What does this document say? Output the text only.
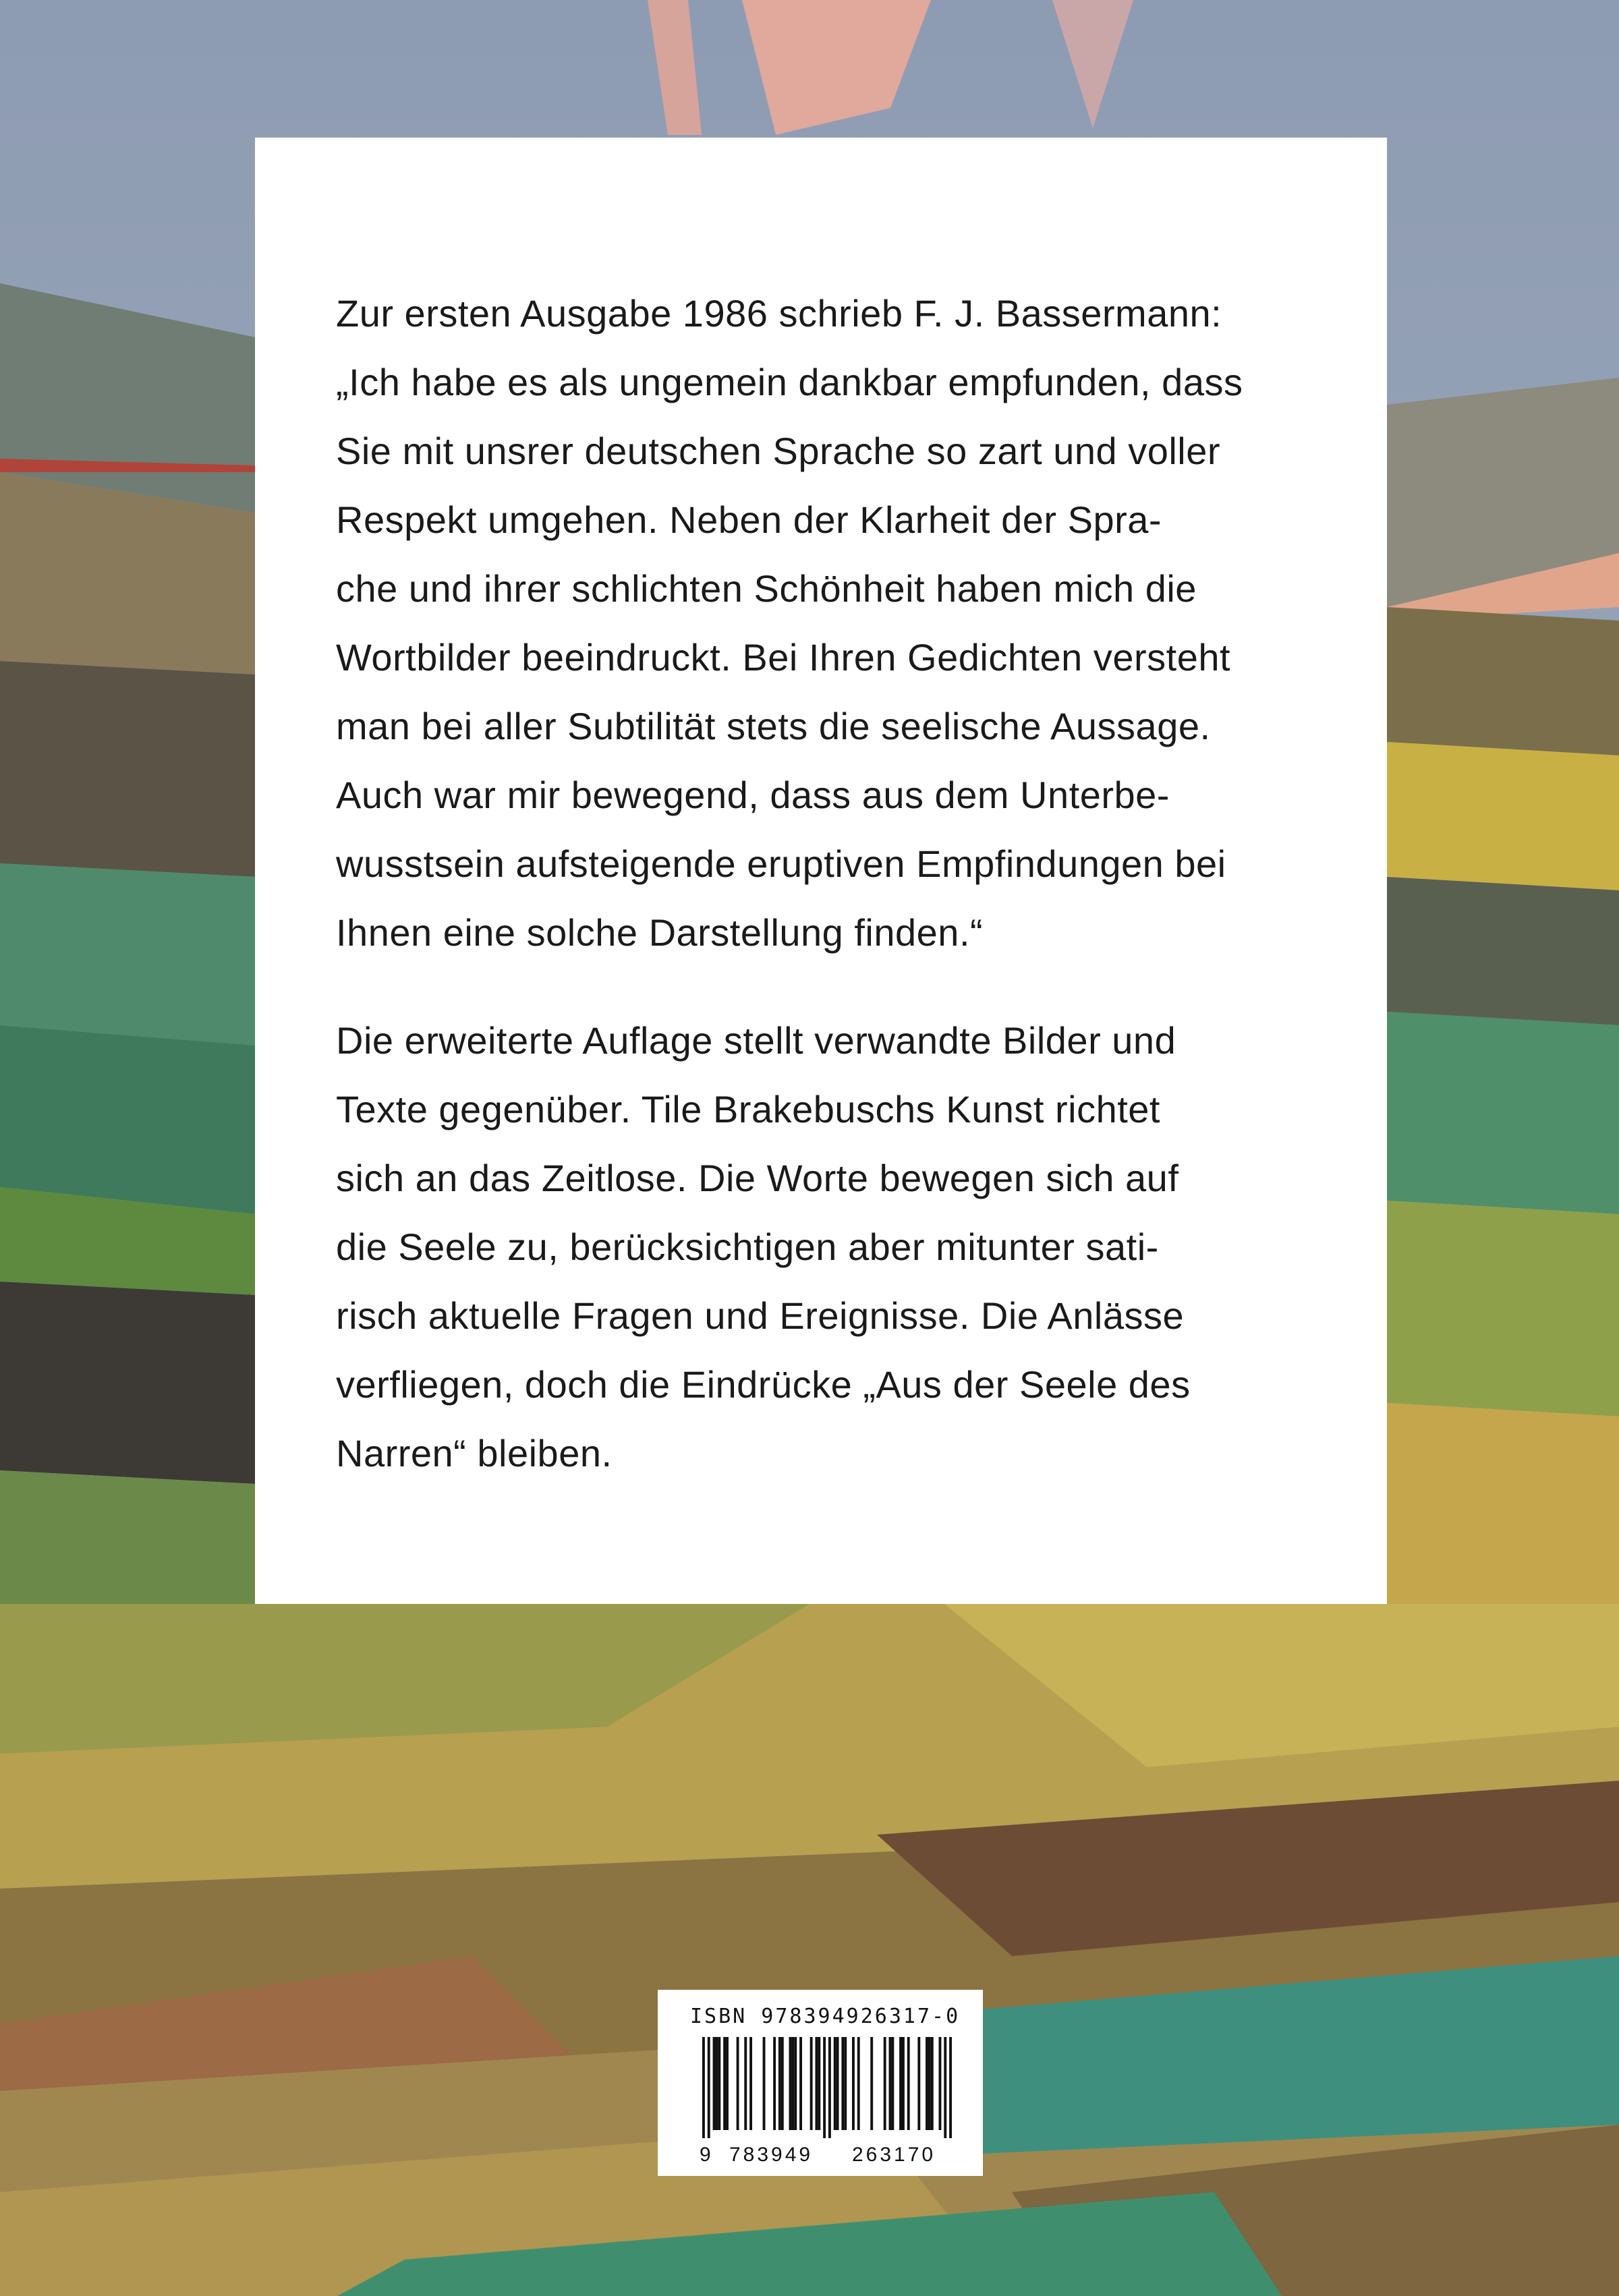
Zur ersten Ausgabe 1986 schrieb F. J. Bassermann:
„Ich habe es als ungemein dankbar empfunden, dass
Sie mit unsrer deutschen Sprache so zart und voller
Respekt umgehen. Neben der Klarheit der Spra-
che und ihrer schlichten Schönheit haben mich die
Wortbilder beeindruckt. Bei Ihren Gedichten versteht
man bei aller Subtilität stets die seelische Aussage.
Auch war mir bewegend, dass aus dem Unterbe-
wusstsein aufsteigende eruptiven Empfindungen bei
Ihnen eine solche Darstellung finden.“

Die erweiterte Auflage stellt verwandte Bilder und
Texte gegenüber. Tile Brakebuschs Kunst richtet
sich an das Zeitlose. Die Worte bewegen sich auf
die Seele zu, berücksichtigen aber mitunter sati-
risch aktuelle Fragen und Ereignisse. Die Anlässe
verfliegen, doch die Eindrücke „Aus der Seele des
Narren“ bleiben.

ISBN 978394926317-0
9 783949 263170
